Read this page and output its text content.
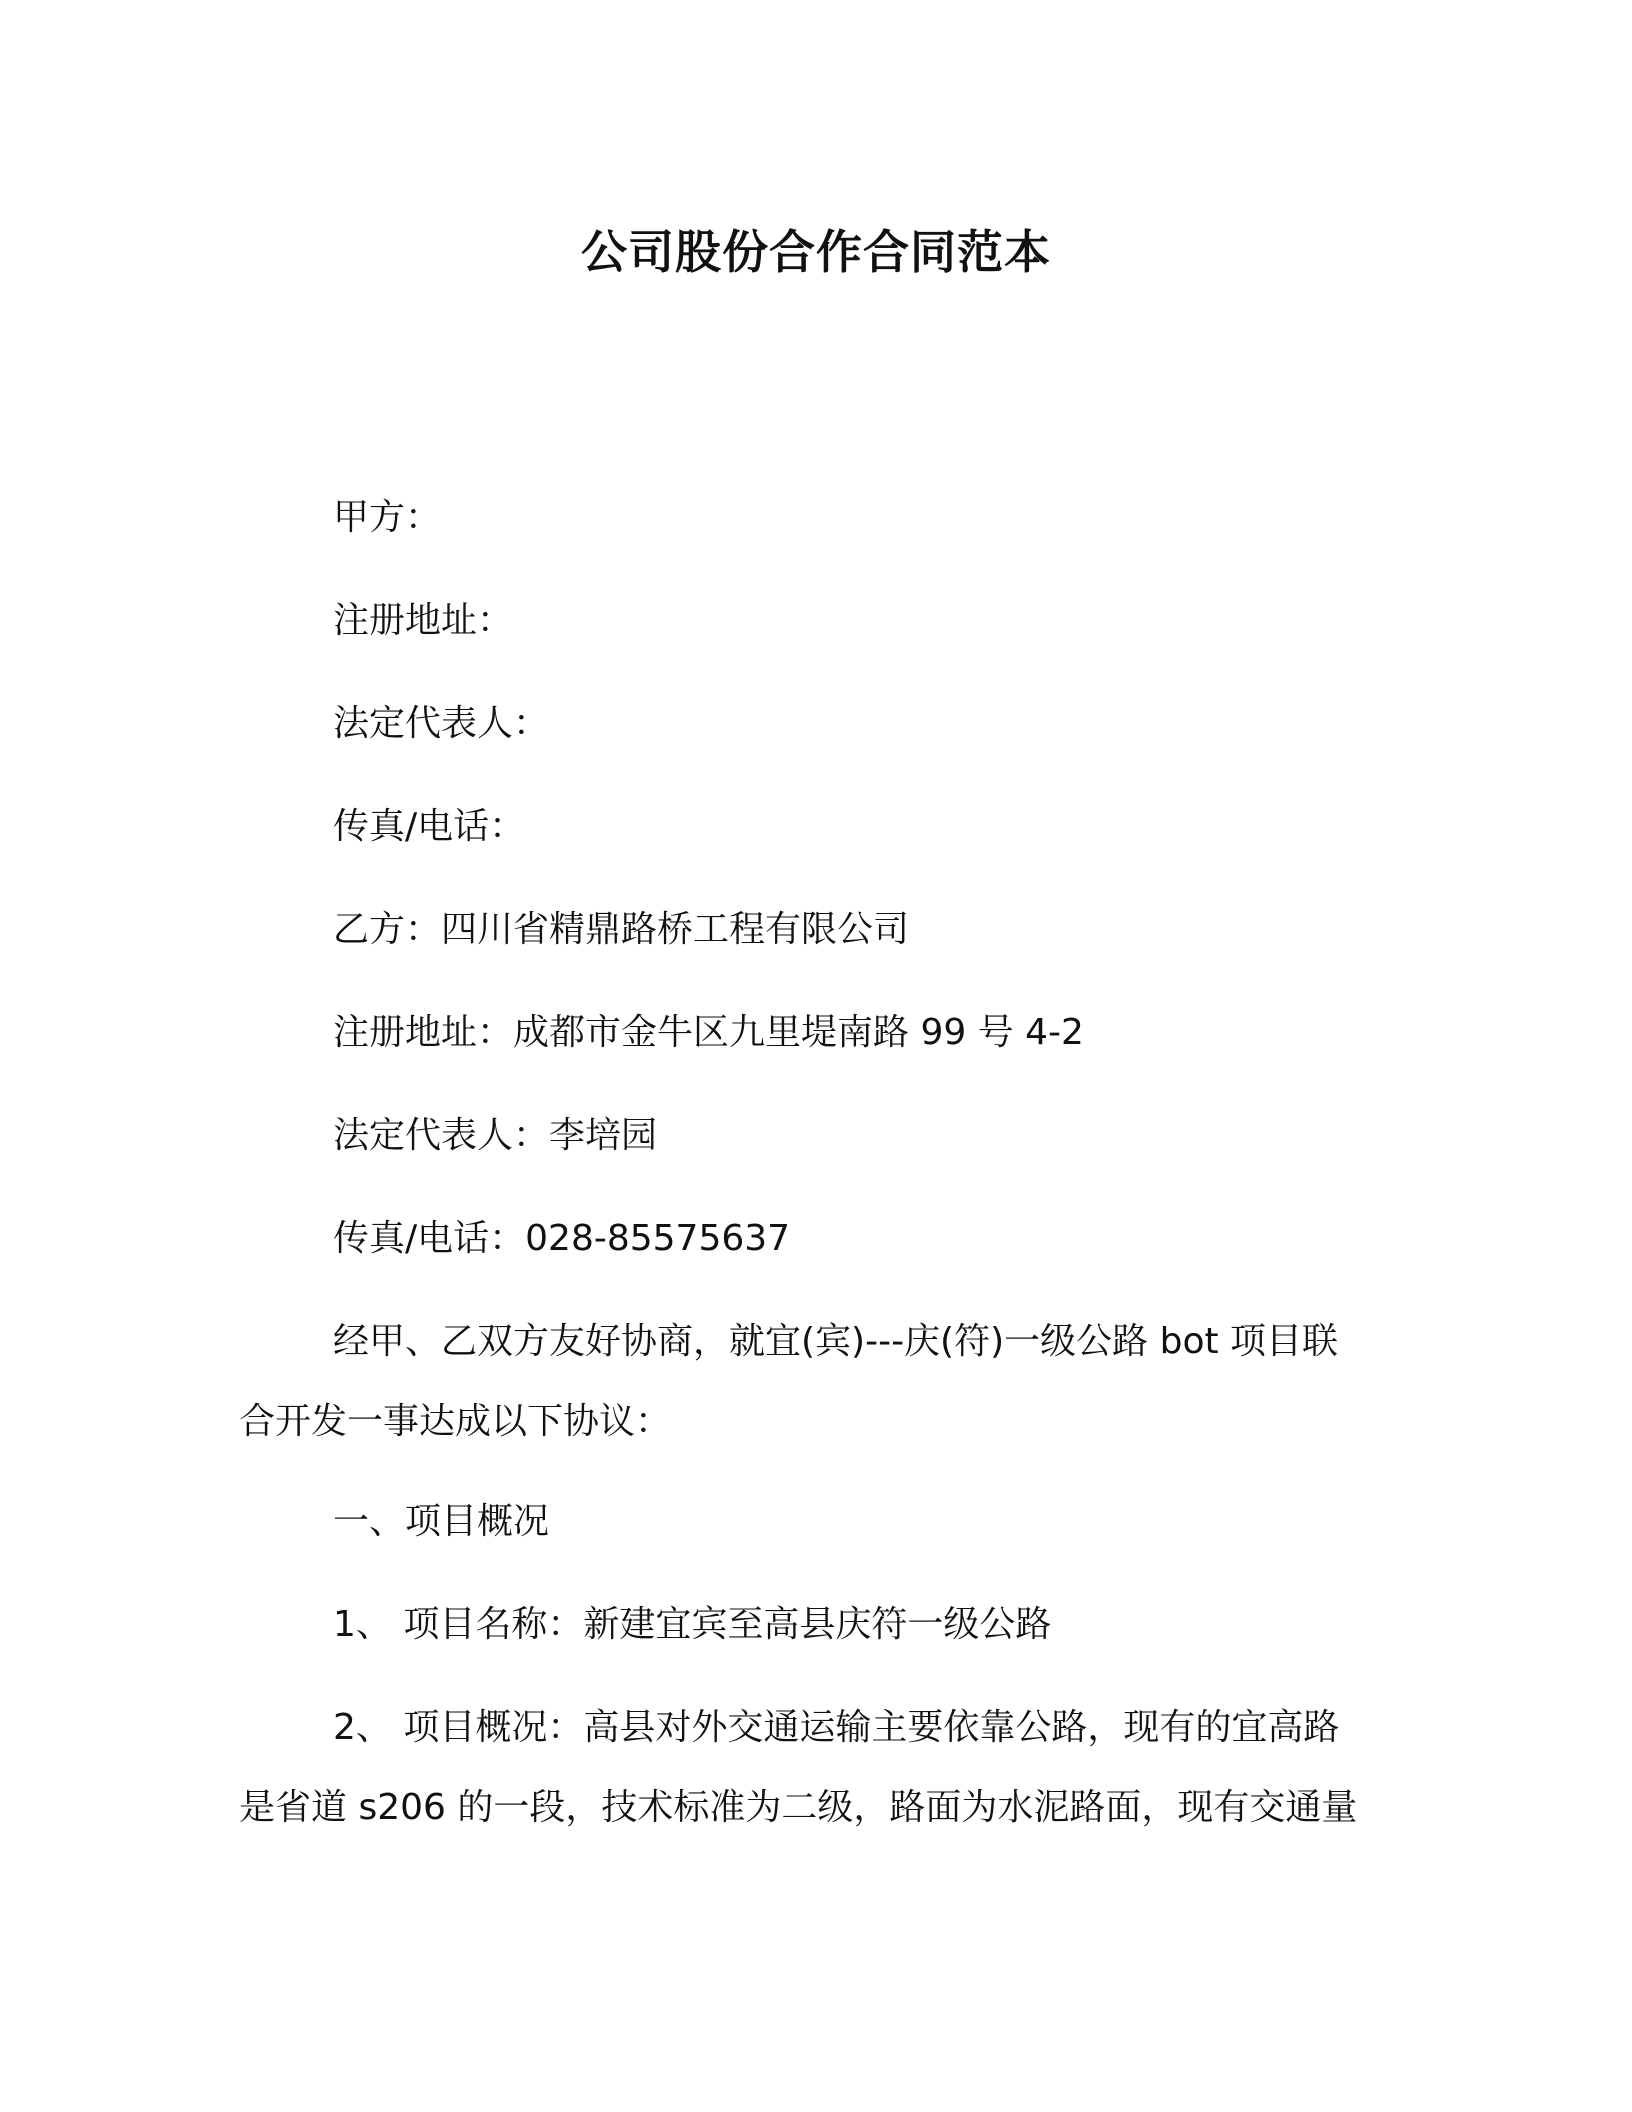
公司股份合作合同范本

甲方：

注册地址：

法定代表人：

传真/电话：

乙方：四川省精鼎路桥工程有限公司

注册地址：成都市金牛区九里堤南路 99 号 4-2

法定代表人：李培园

传真/电话：028-85575637

经甲、乙双方友好协商，就宜(宾)---庆(符)一级公路 bot 项目联

合开发一事达成以下协议：

一、项目概况

1、 项目名称：新建宜宾至高县庆符一级公路

2、 项目概况：高县对外交通运输主要依靠公路，现有的宜高路

是省道 s206 的一段，技术标准为二级，路面为水泥路面，现有交通量
